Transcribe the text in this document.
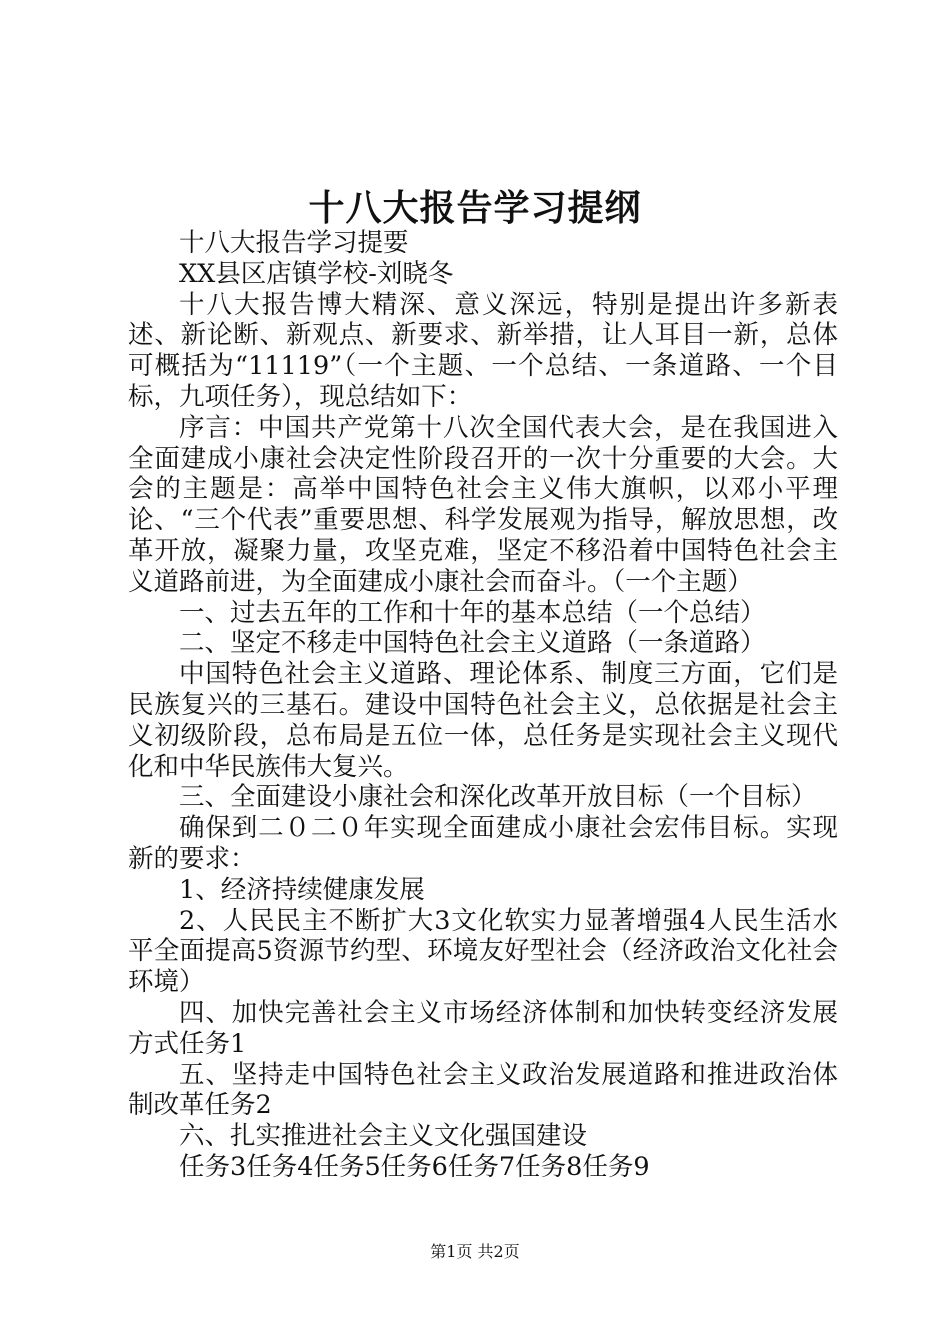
十八大报告学习提纲

十八大报告学习提要

XX县区店镇学校-刘晓冬

十八大报告博大精深、意义深远，特别是提出许多新表述、新论断、新观点、新要求、新举措，让人耳目一新，总体可概括为“11119”（一个主题、一个总结、一条道路、一个目标，九项任务），现总结如下：

序言：中国共产党第十八次全国代表大会，是在我国进入全面建成小康社会决定性阶段召开的一次十分重要的大会。大会的主题是：高举中国特色社会主义伟大旗帜，以邓小平理论、“三个代表”重要思想、科学发展观为指导，解放思想，改革开放，凝聚力量，攻坚克难，坚定不移沿着中国特色社会主义道路前进，为全面建成小康社会而奋斗。（一个主题）

一、过去五年的工作和十年的基本总结（一个总结）

二、坚定不移走中国特色社会主义道路（一条道路）

中国特色社会主义道路、理论体系、制度三方面，它们是民族复兴的三基石。建设中国特色社会主义，总依据是社会主义初级阶段，总布局是五位一体，总任务是实现社会主义现代化和中华民族伟大复兴。

三、全面建设小康社会和深化改革开放目标（一个目标）

确保到二０二０年实现全面建成小康社会宏伟目标。实现新的要求：

1、经济持续健康发展

2、人民民主不断扩大3文化软实力显著增强4人民生活水平全面提高5资源节约型、环境友好型社会（经济政治文化社会环境）

四、加快完善社会主义市场经济体制和加快转变经济发展方式任务1

五、坚持走中国特色社会主义政治发展道路和推进政治体制改革任务2

六、扎实推进社会主义文化强国建设

任务3任务4任务5任务6任务7任务8任务9

第1页 共2页
